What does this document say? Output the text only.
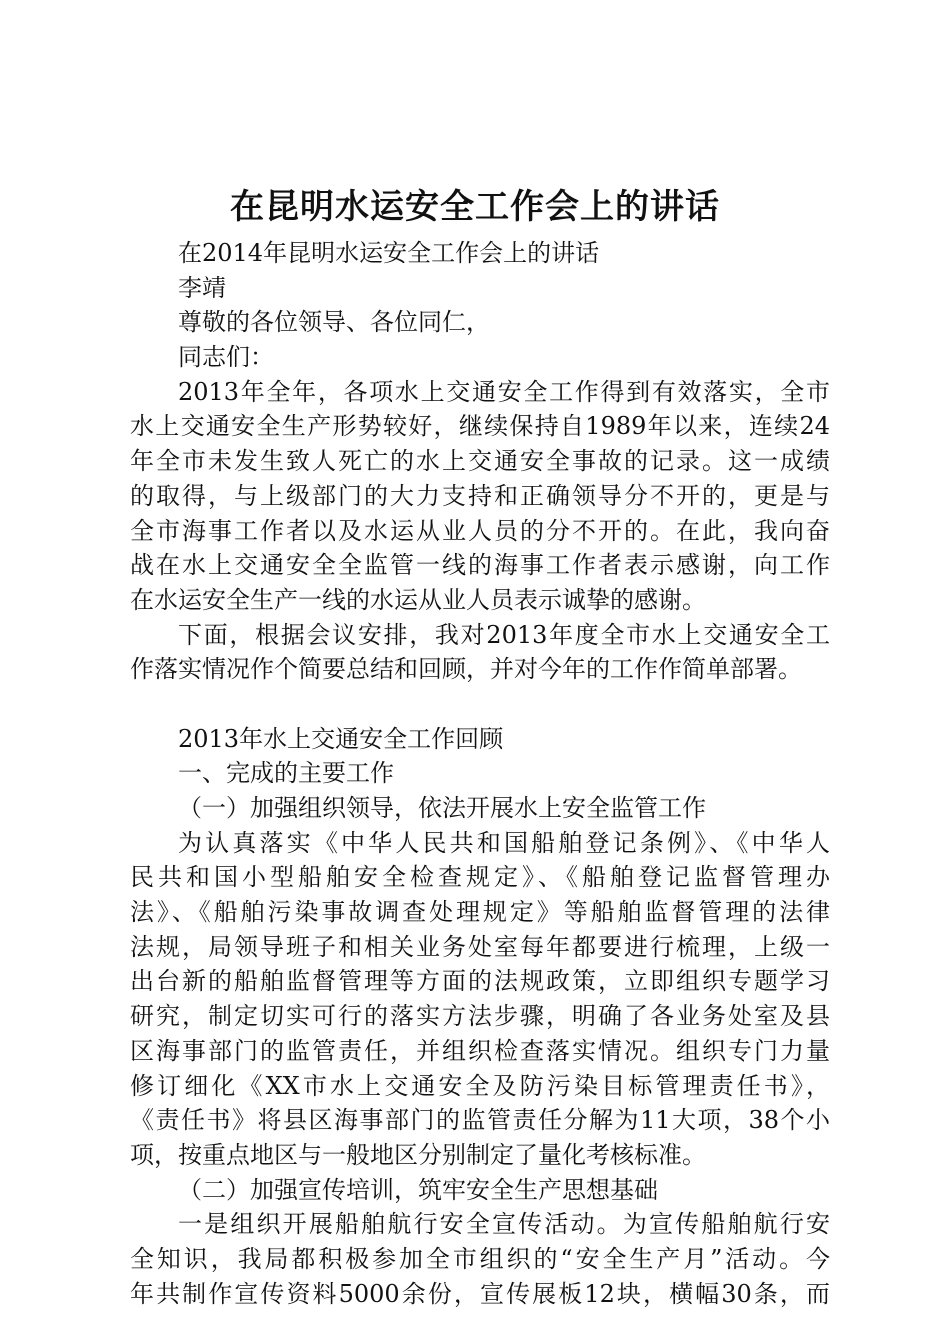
在昆明水运安全工作会上的讲话
在2014年昆明水运安全工作会上的讲话
李靖
尊敬的各位领导、各位同仁，
同志们：
2013年全年，各项水上交通安全工作得到有效落实，全市
水上交通安全生产形势较好，继续保持自1989年以来，连续24
年全市未发生致人死亡的水上交通安全事故的记录。这一成绩
的取得，与上级部门的大力支持和正确领导分不开的，更是与
全市海事工作者以及水运从业人员的分不开的。在此，我向奋
战在水上交通安全全监管一线的海事工作者表示感谢，向工作
在水运安全生产一线的水运从业人员表示诚挚的感谢。
下面，根据会议安排，我对2013年度全市水上交通安全工
作落实情况作个简要总结和回顾，并对今年的工作作简单部署。
2013年水上交通安全工作回顾
一、完成的主要工作
（一）加强组织领导，依法开展水上安全监管工作
为认真落实《中华人民共和国船舶登记条例》、《中华人
民共和国小型船舶安全检查规定》、《船舶登记监督管理办
法》、《船舶污染事故调查处理规定》等船舶监督管理的法律
法规，局领导班子和相关业务处室每年都要进行梳理，上级一
出台新的船舶监督管理等方面的法规政策，立即组织专题学习
研究，制定切实可行的落实方法步骤，明确了各业务处室及县
区海事部门的监管责任，并组织检查落实情况。组织专门力量
修订细化《XX市水上交通安全及防污染目标管理责任书》，
《责任书》将县区海事部门的监管责任分解为11大项，38个小
项，按重点地区与一般地区分别制定了量化考核标准。
（二）加强宣传培训，筑牢安全生产思想基础
一是组织开展船舶航行安全宣传活动。为宣传船舶航行安
全知识，我局都积极参加全市组织的“安全生产月”活动。今
年共制作宣传资料5000余份，宣传展板12块，横幅30条，而
